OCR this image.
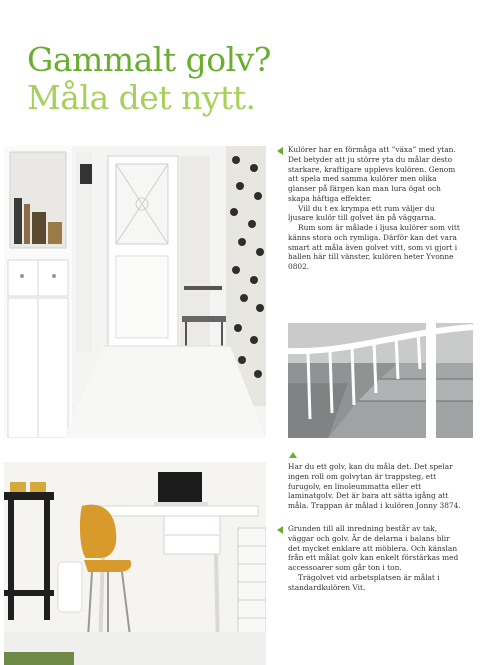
Gammalt golv?
Måla det nytt.

Kulörer har en förmåga att ”växa” med ytan. Det betyder att ju större yta du målar desto starkare, kraftigare upplevs kulören. Genom att spela med samma kulörer men olika glanser på färgen kan man lura ögat och skapa häftiga effekter.

Vill du t ex krympa ett rum väljer du ljusare kulör till golvet än på väggarna.

Rum som är målade i ljusa kulörer som vitt känns stora och rymliga. Därför kan det vara smart att måla även golvet vitt, som vi gjort i hallen här till vänster, kulören heter Yvonne 0802.

Har du ett golv, kan du måla det. Det spelar ingen roll om golvytan är trappsteg, ett furugolv, en linoleummatta eller ett laminatgolv. Det är bara att sätta igång att måla. Trappan är målad i kulören Jonny 3874.

Grunden till all inredning består av tak, väggar och golv. Är de delarna i balans blir det mycket enklare att möblera. Och känslan från ett målat golv kan enkelt förstärkas med accessoarer som går ton i ton.

Trägolvet vid arbetsplatsen är målat i standardkulören Vit.
